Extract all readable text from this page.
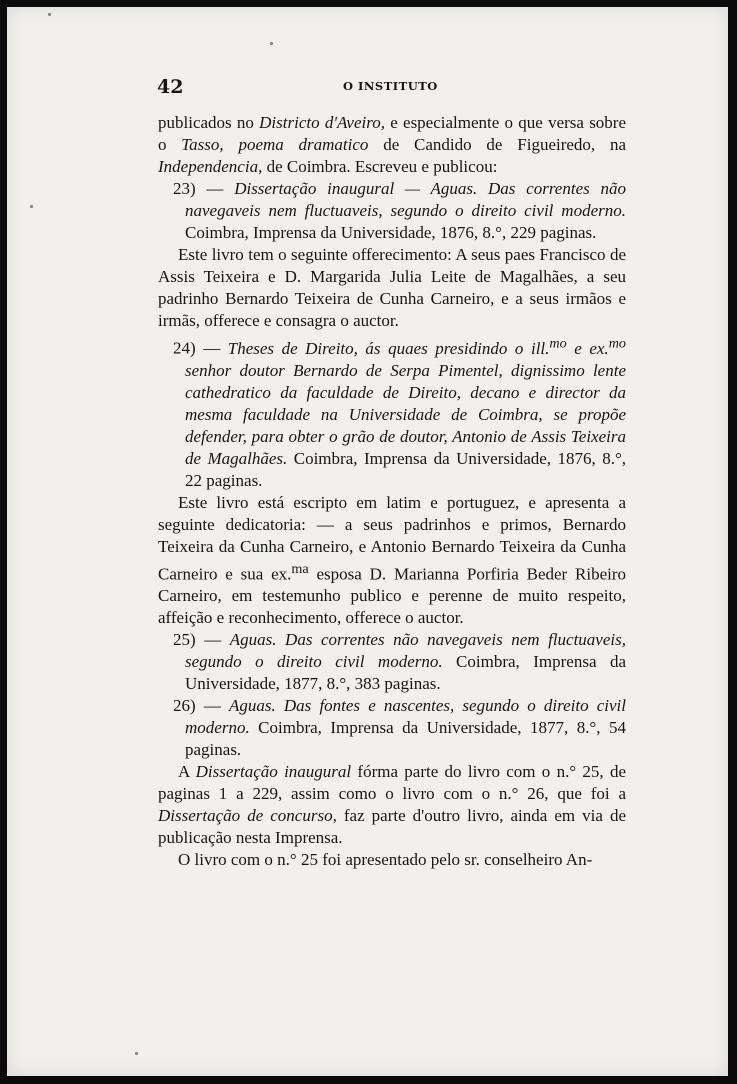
42	O INSTITUTO

publicados no Districto d'Aveiro, e especialmente o que versa sobre o Tasso, poema dramatico de Candido de Figueiredo, na Independencia, de Coimbra. Escreveu e publicou:

23) — Dissertação inaugural — Aguas. Das correntes não navegaveis nem fluctuaveis, segundo o direito civil moderno. Coimbra, Imprensa da Universidade, 1876, 8.°, 229 paginas.

Este livro tem o seguinte offerecimento: A seus paes Francisco de Assis Teixeira e D. Margarida Julia Leite de Magalhães, a seu padrinho Bernardo Teixeira de Cunha Carneiro, e a seus irmãos e irmãs, offerece e consagra o auctor.

24) — Theses de Direito, ás quaes presidindo o ill.$^{mo}$ e ex.$^{mo}$ senhor doutor Bernardo de Serpa Pimentel, dignissimo lente cathedratico da faculdade de Direito, decano e director da mesma faculdade na Universidade de Coimbra, se propõe defender, para obter o grão de doutor, Antonio de Assis Teixeira de Magalhães. Coimbra, Imprensa da Universidade, 1876, 8.°, 22 paginas.

Este livro está escripto em latim e portuguez, e apresenta a seguinte dedicatoria: — a seus padrinhos e primos, Bernardo Teixeira da Cunha Carneiro, e Antonio Bernardo Teixeira da Cunha Carneiro e sua ex.$^{ma}$ esposa D. Marianna Porfiria Beder Ribeiro Carneiro, em testemunho publico e perenne de muito respeito, affeição e reconhecimento, offerece o auctor.

25) — Aguas. Das correntes não navegaveis nem fluctuaveis, segundo o direito civil moderno. Coimbra, Imprensa da Universidade, 1877, 8.°, 383 paginas.

26) — Aguas. Das fontes e nascentes, segundo o direito civil moderno. Coimbra, Imprensa da Universidade, 1877, 8.°, 54 paginas.

A Dissertação inaugural fórma parte do livro com o n.° 25, de paginas 1 a 229, assim como o livro com o n.° 26, que foi a Dissertação de concurso, faz parte d'outro livro, ainda em via de publicação nesta Imprensa.

O livro com o n.° 25 foi apresentado pelo sr. conselheiro An-
